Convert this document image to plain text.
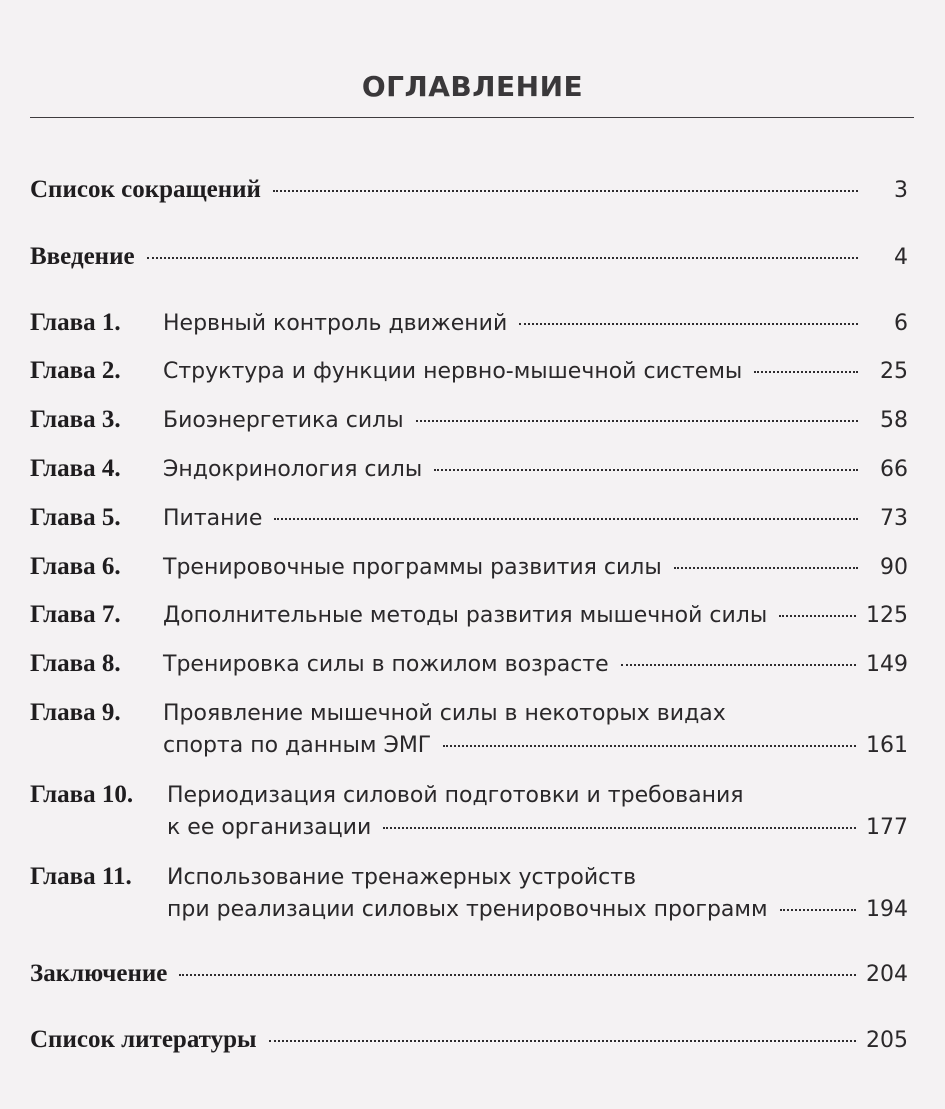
ОГЛАВЛЕНИЕ
Список сокращений	3
Введение	4
Глава 1.	Нервный контроль движений	6
Глава 2.	Структура и функции нервно-мышечной системы	25
Глава 3.	Биоэнергетика силы	58
Глава 4.	Эндокринология силы	66
Глава 5.	Питание	73
Глава 6.	Тренировочные программы развития силы	90
Глава 7.	Дополнительные методы развития мышечной силы	125
Глава 8.	Тренировка силы в пожилом возрасте	149
Глава 9.	Проявление мышечной силы в некоторых видах
спорта по данным ЭМГ	161
Глава 10.	Периодизация силовой подготовки и требования
к ее организации	177
Глава 11.	Использование тренажерных устройств
при реализации силовых тренировочных программ	194
Заключение	204
Список литературы	205
